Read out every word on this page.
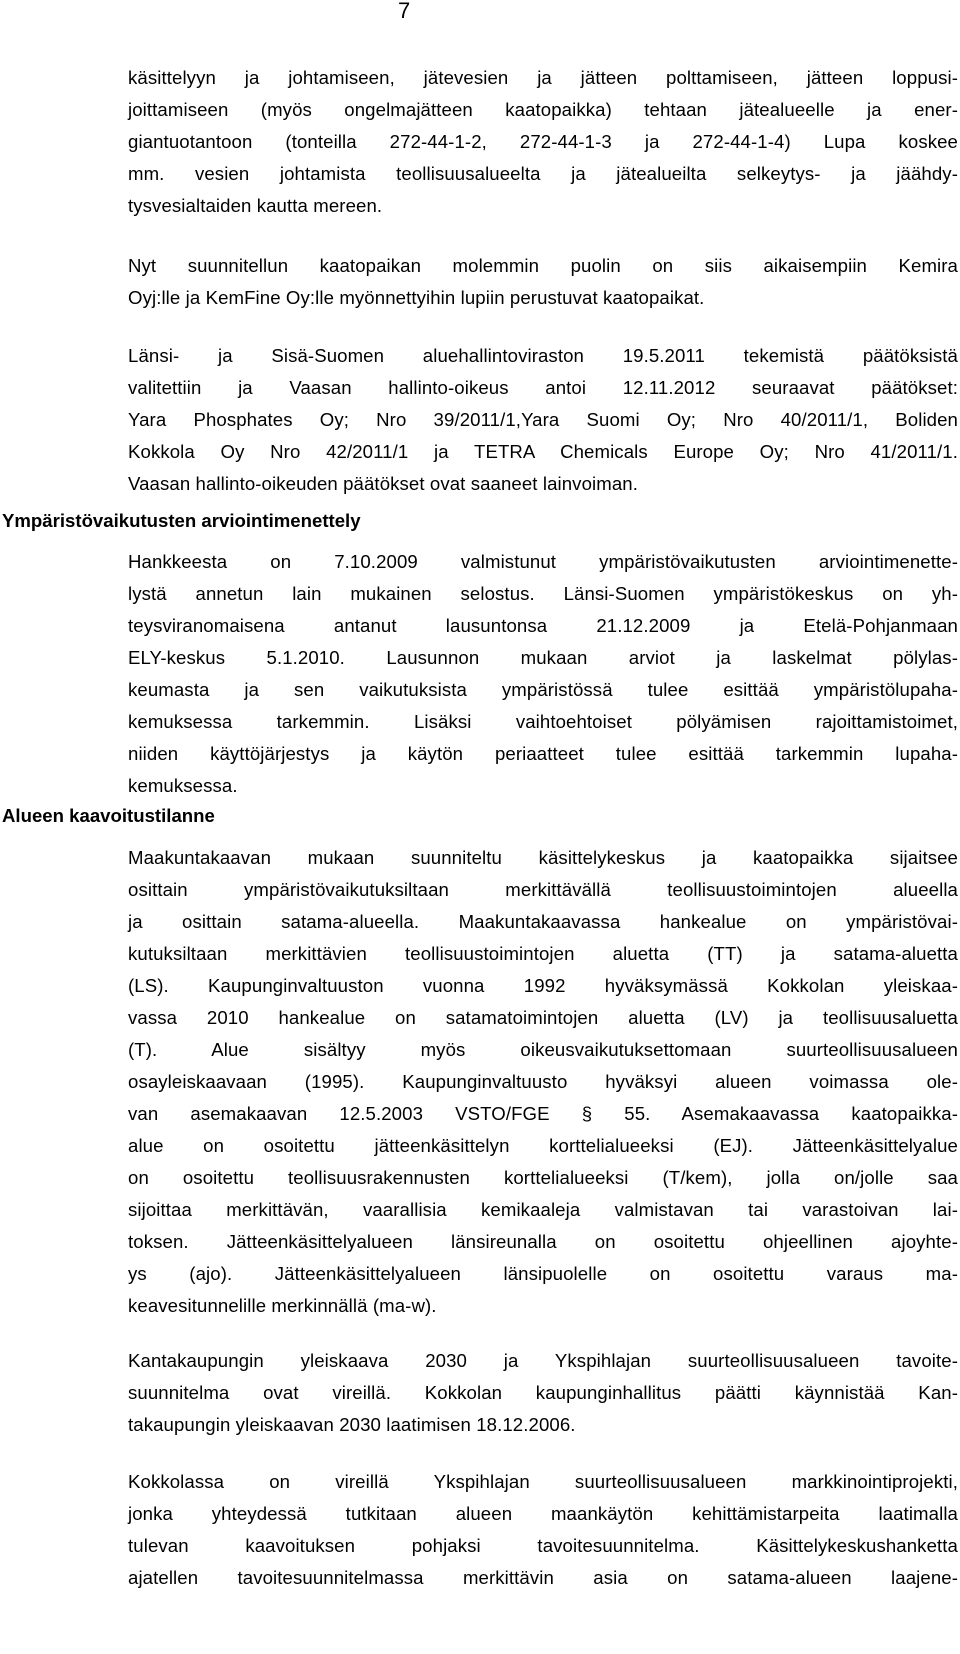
7
käsittelyyn ja johtamiseen, jätevesien ja jätteen polttamiseen, jätteen loppusi-
joittamiseen (myös ongelmajätteen kaatopaikka) tehtaan jätealueelle ja ener-
giantuotantoon (tonteilla 272-44-1-2, 272-44-1-3 ja 272-44-1-4) Lupa koskee
mm. vesien johtamista teollisuusalueelta ja jätealueilta selkeytys- ja jäähdy-
tysvesialtaiden kautta mereen.
Nyt suunnitellun kaatopaikan molemmin puolin on siis aikaisempiin Kemira
Oyj:lle ja KemFine Oy:lle myönnettyihin lupiin perustuvat kaatopaikat.
Länsi- ja Sisä-Suomen aluehallintoviraston 19.5.2011 tekemistä päätöksistä
valitettiin ja Vaasan hallinto-oikeus antoi 12.11.2012 seuraavat päätökset:
Yara Phosphates Oy; Nro 39/2011/1,Yara Suomi Oy; Nro 40/2011/1, Boliden
Kokkola Oy Nro 42/2011/1 ja TETRA Chemicals Europe Oy; Nro 41/2011/1.
Vaasan hallinto-oikeuden päätökset ovat saaneet lainvoiman.
Ympäristövaikutusten arviointimenettely
Hankkeesta on 7.10.2009 valmistunut ympäristövaikutusten arviointimenette-
lystä annetun lain mukainen selostus. Länsi-Suomen ympäristökeskus on yh-
teysviranomaisena antanut lausuntonsa 21.12.2009 ja Etelä-Pohjanmaan
ELY-keskus 5.1.2010. Lausunnon mukaan arviot ja laskelmat pölylas-
keumasta ja sen vaikutuksista ympäristössä tulee esittää ympäristölupaha-
kemuksessa tarkemmin. Lisäksi vaihtoehtoiset pölyämisen rajoittamistoimet,
niiden käyttöjärjestys ja käytön periaatteet tulee esittää tarkemmin lupaha-
kemuksessa.
Alueen kaavoitustilanne
Maakuntakaavan mukaan suunniteltu käsittelykeskus ja kaatopaikka sijaitsee
osittain ympäristövaikutuksiltaan merkittävällä teollisuustoimintojen alueella
ja osittain satama-alueella. Maakuntakaavassa hankealue on ympäristövai-
kutuksiltaan merkittävien teollisuustoimintojen aluetta (TT) ja satama-aluetta
(LS). Kaupunginvaltuuston vuonna 1992 hyväksymässä Kokkolan yleiskaa-
vassa 2010 hankealue on satamatoimintojen aluetta (LV) ja teollisuusaluetta
(T). Alue sisältyy myös oikeusvaikutuksettomaan suurteollisuusalueen
osayleiskaavaan (1995). Kaupunginvaltuusto hyväksyi alueen voimassa ole-
van asemakaavan 12.5.2003 VSTO/FGE § 55. Asemakaavassa kaatopaikka-
alue on osoitettu jätteenkäsittelyn korttelialueeksi (EJ). Jätteenkäsittelyalue
on osoitettu teollisuusrakennusten korttelialueeksi (T/kem), jolla on/jolle saa
sijoittaa merkittävän, vaarallisia kemikaaleja valmistavan tai varastoivan lai-
toksen. Jätteenkäsittelyalueen länsireunalla on osoitettu ohjeellinen ajoyhte-
ys (ajo). Jätteenkäsittelyalueen länsipuolelle on osoitettu varaus ma-
keavesitunnelille merkinnällä (ma-w).
Kantakaupungin yleiskaava 2030 ja Ykspihlajan suurteollisuusalueen tavoite-
suunnitelma ovat vireillä. Kokkolan kaupunginhallitus päätti käynnistää Kan-
takaupungin yleiskaavan 2030 laatimisen 18.12.2006.
Kokkolassa on vireillä Ykspihlajan suurteollisuusalueen markkinointiprojekti,
jonka yhteydessä tutkitaan alueen maankäytön kehittämistarpeita laatimalla
tulevan kaavoituksen pohjaksi tavoitesuunnitelma. Käsittelykeskushanketta
ajatellen tavoitesuunnitelmassa merkittävin asia on satama-alueen laajene-
